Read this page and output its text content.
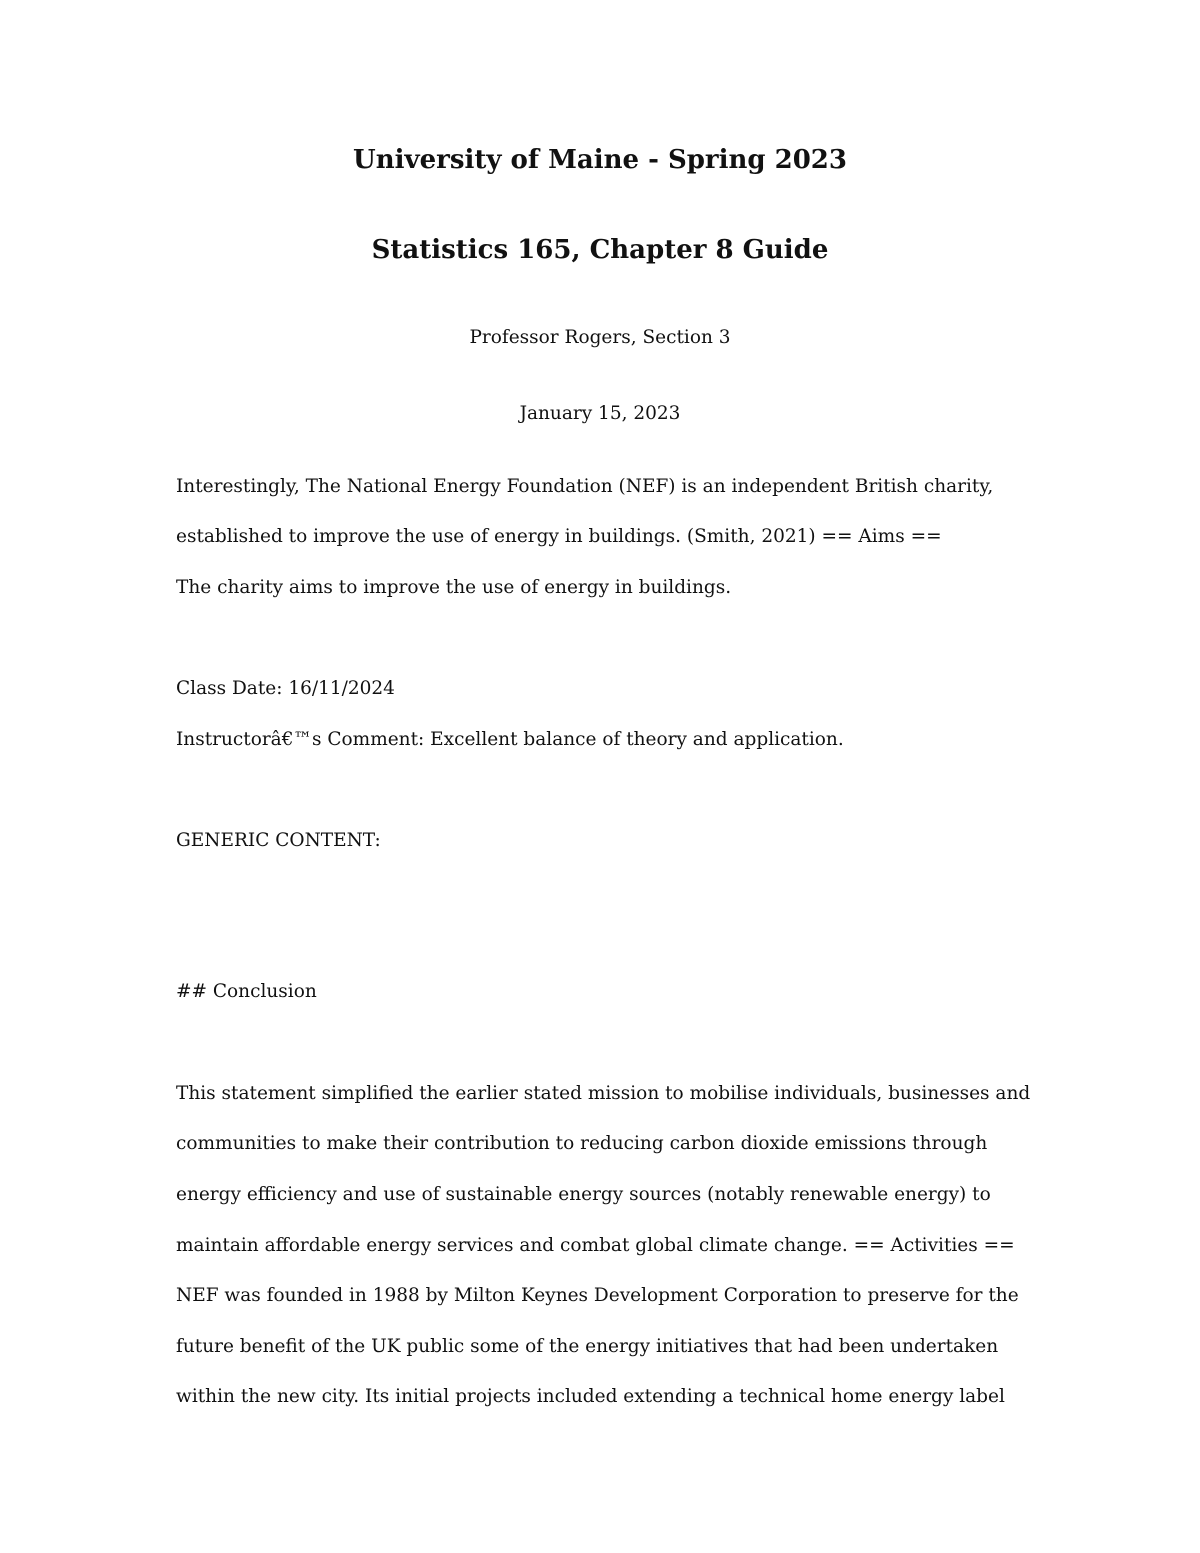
University of Maine - Spring 2023
Statistics 165, Chapter 8 Guide
Professor Rogers, Section 3
January 15, 2023
Interestingly, The National Energy Foundation (NEF) is an independent British charity,
established to improve the use of energy in buildings. (Smith, 2021) == Aims ==
The charity aims to improve the use of energy in buildings.
Class Date: 16/11/2024
Instructorâ€™s Comment: Excellent balance of theory and application.
GENERIC CONTENT:
## Conclusion
This statement simplified the earlier stated mission to mobilise individuals, businesses and
communities to make their contribution to reducing carbon dioxide emissions through
energy efficiency and use of sustainable energy sources (notably renewable energy) to
maintain affordable energy services and combat global climate change. == Activities ==
NEF was founded in 1988 by Milton Keynes Development Corporation to preserve for the
future benefit of the UK public some of the energy initiatives that had been undertaken
within the new city. Its initial projects included extending a technical home energy label
